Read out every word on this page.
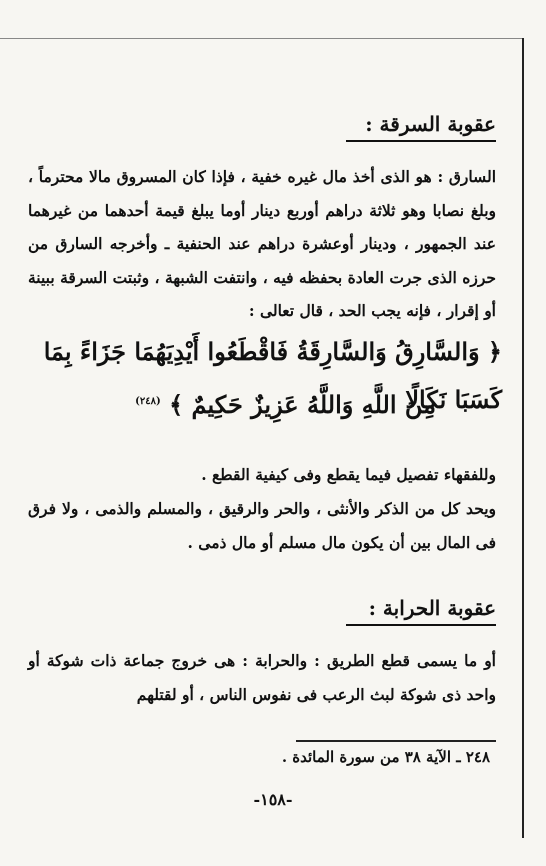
عقوبة السرقة :
السارق : هو الذى أخذ مال غيره خفية ، فإذا كان المسروق مالا محترماً ، وبلغ نصابا وهو ثلاثة دراهم أوربع دينار أوما يبلغ قيمة أحدهما من غيرهما عند الجمهور ، ودينار أوعشرة دراهم عند الحنفية ـ وأخرجه السارق من حرزه الذى جرت العادة بحفظه فيه ، وانتفت الشبهة ، وثبتت السرقة ببينة أو إقرار ، فإنه يجب الحد ، قال تعالى :
﴿ وَالسَّارِقُ وَالسَّارِقَةُ فَاقْطَعُوا أَيْدِيَهُمَا جَزَاءً بِمَا كَسَبَا نَكَالًا
مِنَ اللَّهِ وَاللَّهُ عَزِيزٌ حَكِيمٌ ﴾ $^{(٢٤٨)}$
وللفقهاء تفصيل فيما يقطع وفى كيفية القطع .
ويحد كل من الذكر والأنثى ، والحر والرقيق ، والمسلم والذمى ، ولا فرق فى المال بين أن يكون مال مسلم أو مال ذمى .
عقوبة الحرابة :
أو ما يسمى قطع الطريق : والحرابة : هى خروج جماعة ذات شوكة أو واحد ذى شوكة لبث الرعب فى نفوس الناس ، أو لقتلهم
٢٤٨ ـ الآية ٣٨ من سورة المائدة .
-١٥٨-
